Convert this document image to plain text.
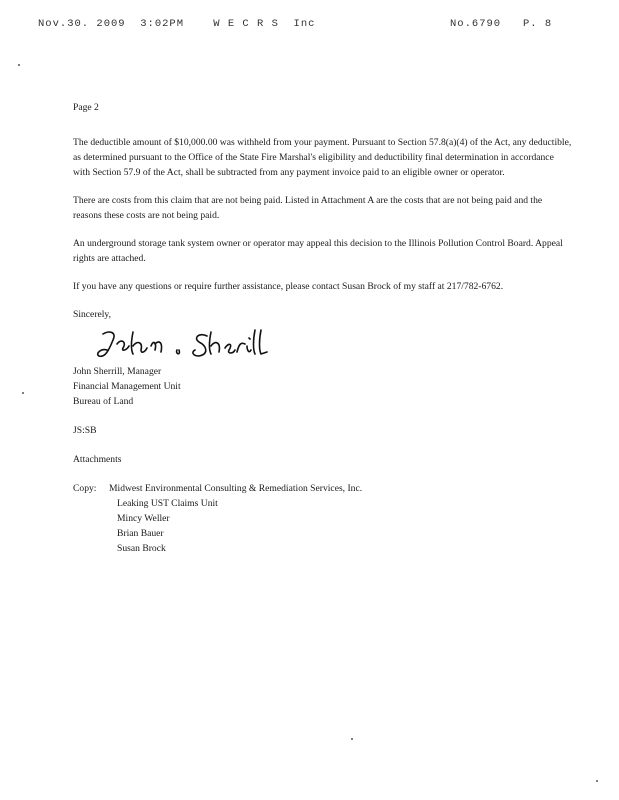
Nov.30. 2009  3:02PM    W E C R S  Inc	No.6790   P. 8

Page 2

The deductible amount of $10,000.00 was withheld from your payment. Pursuant to Section 57.8(a)(4) of the Act, any deductible, as determined pursuant to the Office of the State Fire Marshal's eligibility and deductibility final determination in accordance with Section 57.9 of the Act, shall be subtracted from any payment invoice paid to an eligible owner or operator.

There are costs from this claim that are not being paid. Listed in Attachment A are the costs that are not being paid and the reasons these costs are not being paid.

An underground storage tank system owner or operator may appeal this decision to the Illinois Pollution Control Board. Appeal rights are attached.

If you have any questions or require further assistance, please contact Susan Brock of my staff at 217/782-6762.

Sincerely,

John Sherrill, Manager
Financial Management Unit
Bureau of Land

JS:SB

Attachments

Copy: Midwest Environmental Consulting & Remediation Services, Inc.
Leaking UST Claims Unit
Mincy Weller
Brian Bauer
Susan Brock
